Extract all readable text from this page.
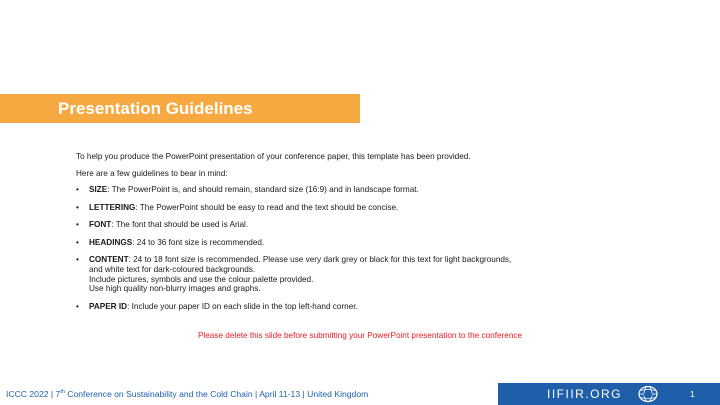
Presentation Guidelines

To help you produce the PowerPoint presentation of your conference paper, this template has been provided.

Here are a few guidelines to bear in mind:

• SIZE: The PowerPoint is, and should remain, standard size (16:9) and in landscape format.
• LETTERING: The PowerPoint should be easy to read and the text should be concise.
• FONT: The font that should be used is Arial.
• HEADINGS: 24 to 36 font size is recommended.
• CONTENT: 24 to 18 font size is recommended. Please use very dark grey or black for this text for light backgrounds,
and white text for dark-coloured backgrounds.
Include pictures, symbols and use the colour palette provided.
Use high quality non-blurry images and graphs.
• PAPER ID: Include your paper ID on each slide in the top left-hand corner.
Please delete this slide before submitting your PowerPoint presentation to the conference
ICCC 2022 | 7th Conference on Sustainability and the Cold Chain | April 11-13 | United Kingdom	IIFIIR.ORG	1
